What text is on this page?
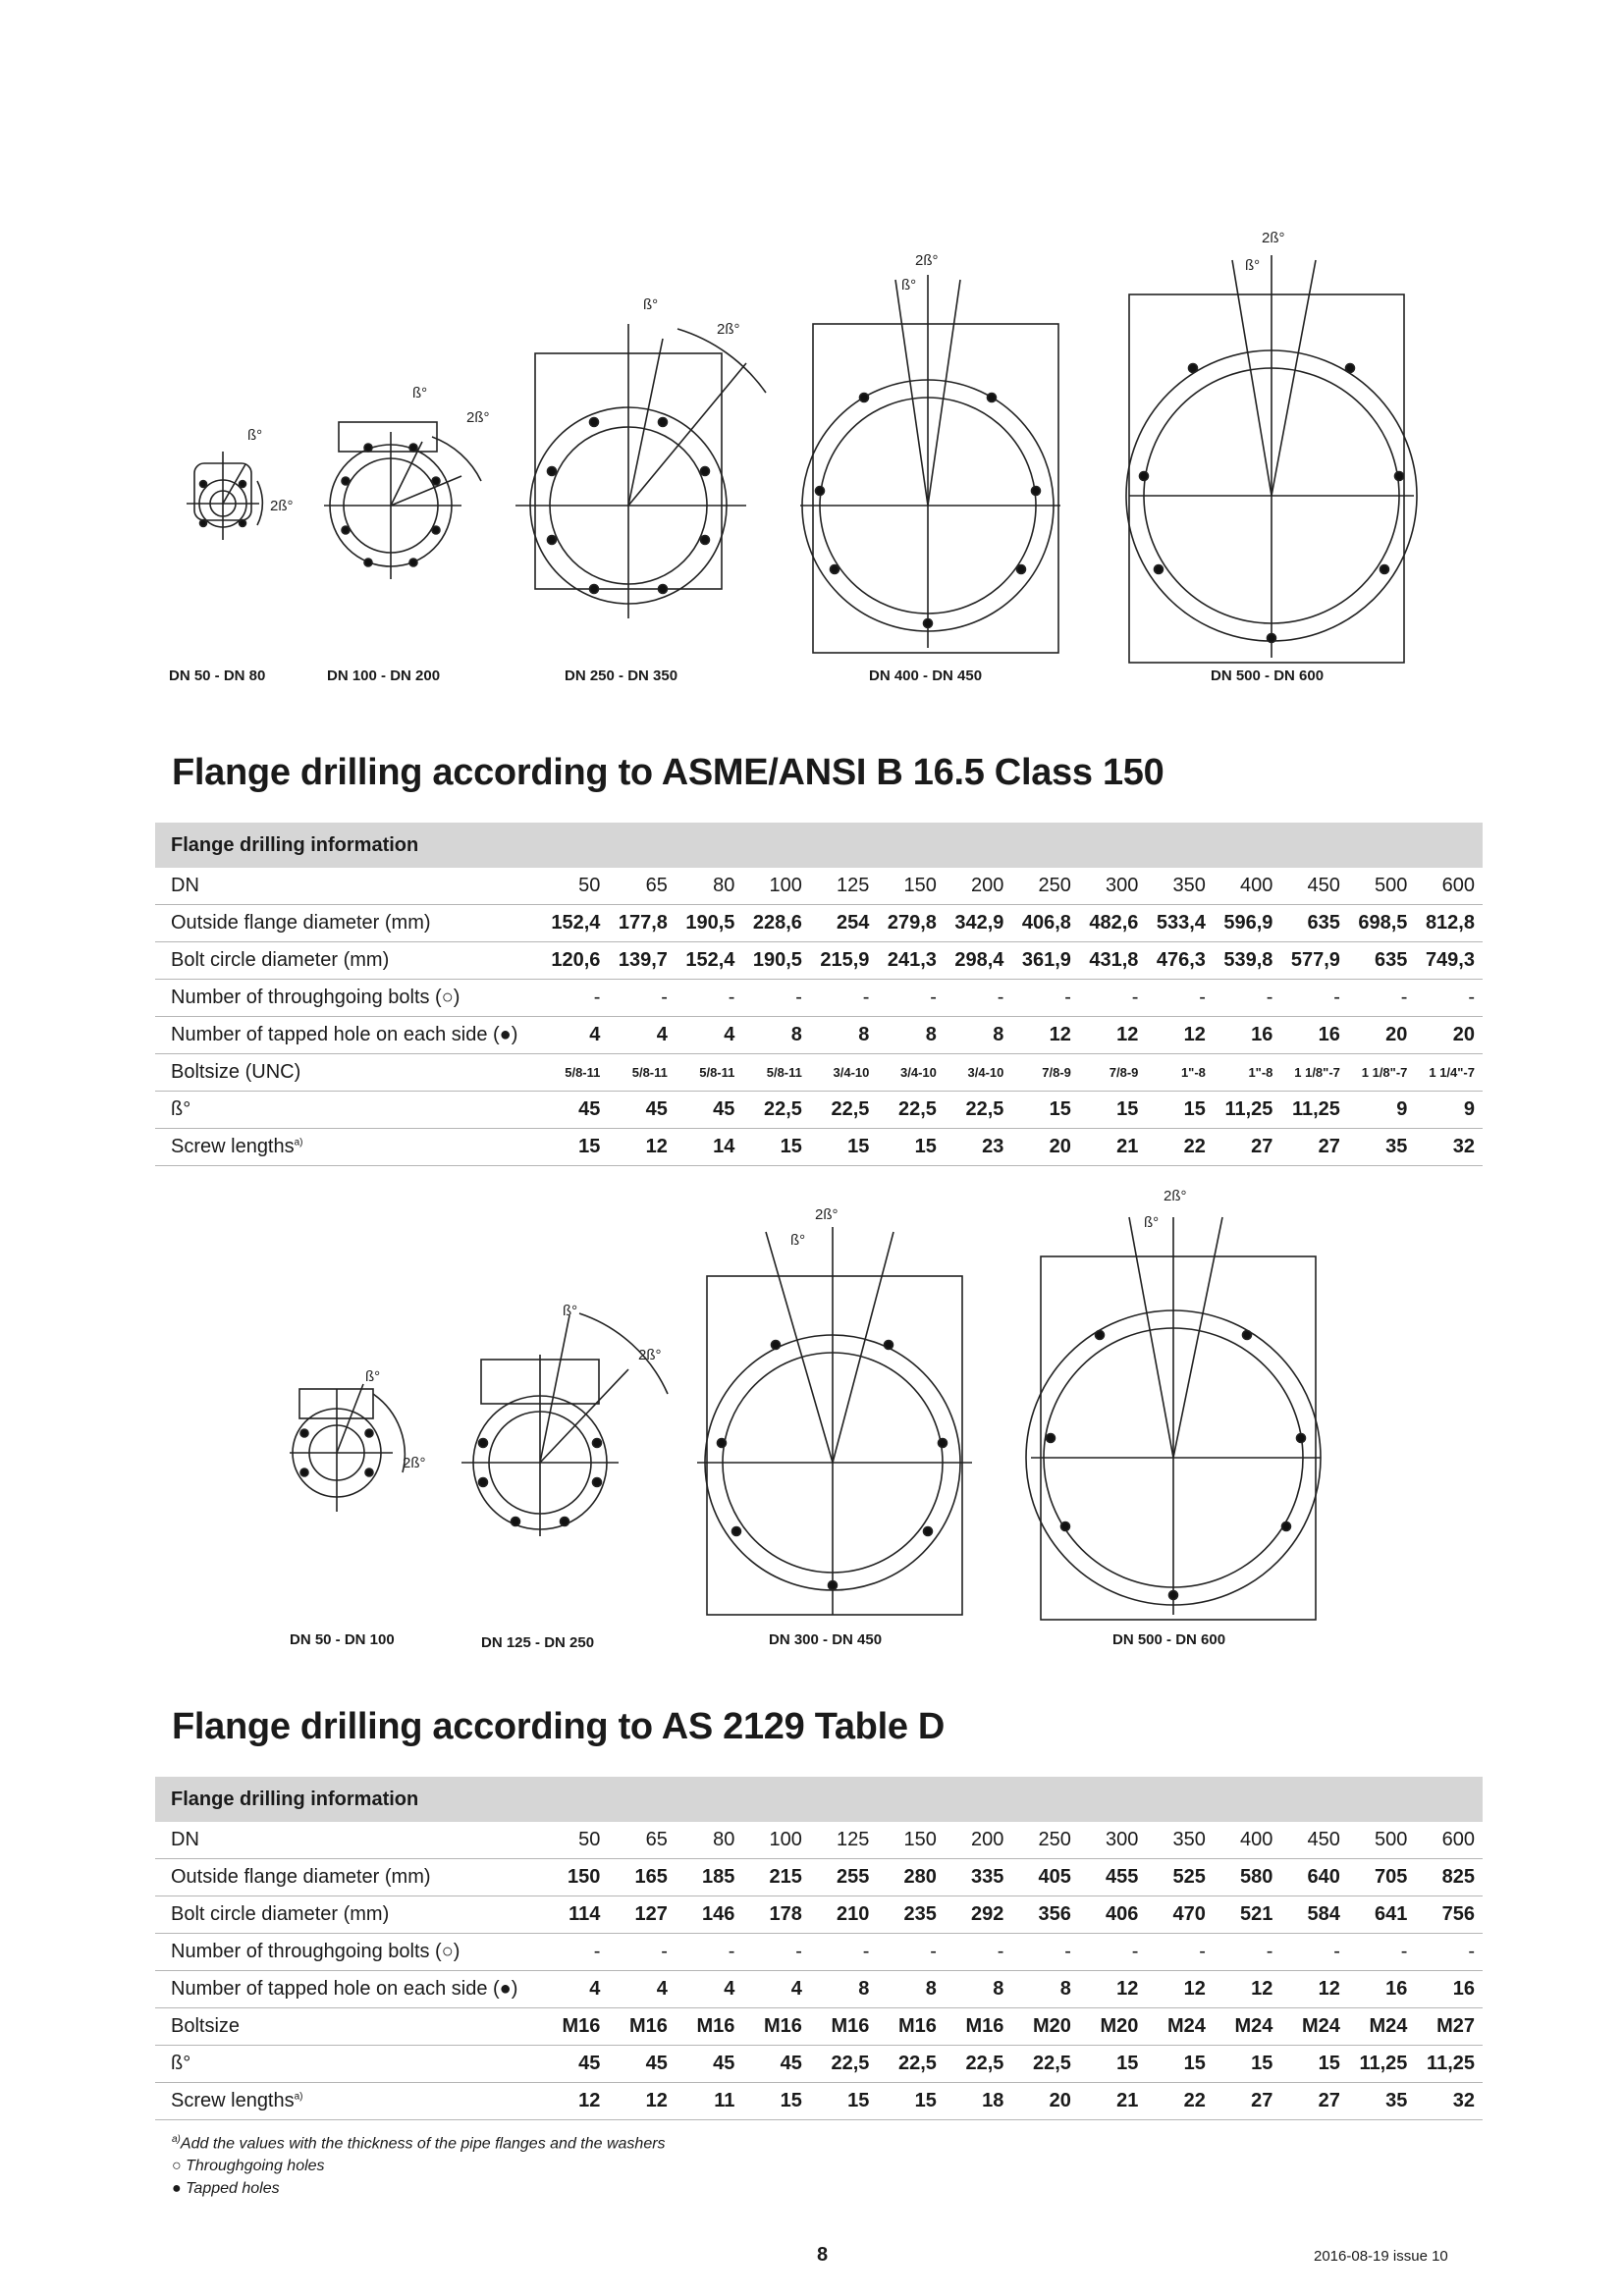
ß°
2ß°
ß°
2ß°
ß°
2ß°
2ß°
ß°
2ß°
ß°
DN 50 - DN 80	DN 100 - DN 200	DN 250 - DN 350	DN 400 - DN 450	DN 500 - DN 600
Flange drilling according to ASME/ANSI B 16.5 Class 150
Flange drilling information														
DN	50	65	80	100	125	150	200	250	300	350	400	450	500	600
Outside flange diameter (mm)	152,4	177,8	190,5	228,6	254	279,8	342,9	406,8	482,6	533,4	596,9	635	698,5	812,8
Bolt circle diameter (mm)	120,6	139,7	152,4	190,5	215,9	241,3	298,4	361,9	431,8	476,3	539,8	577,9	635	749,3
Number of throughgoing bolts (○)	-	-	-	-	-	-	-	-	-	-	-	-	-	-
Number of tapped hole on each side (●)	4	4	4	8	8	8	8	12	12	12	16	16	20	20
Boltsize (UNC)	5/8-11	5/8-11	5/8-11	5/8-11	3/4-10	3/4-10	3/4-10	7/8-9	7/8-9	1"-8	1"-8	1 1/8"-7	1 1/8"-7	1 1/4"-7
ß°	45	45	45	22,5	22,5	22,5	22,5	15	15	15	11,25	11,25	9	9
Screw lengths$^{a)}$	15	12	14	15	15	15	23	20	21	22	27	27	35	32
ß°
2ß°
ß°
2ß°
2ß°
ß°
2ß°
ß°
DN 50 - DN 100	DN 125 - DN 250	DN 300 - DN 450	DN 500 - DN 600
Flange drilling according to AS 2129 Table D
Flange drilling information														
DN	50	65	80	100	125	150	200	250	300	350	400	450	500	600
Outside flange diameter (mm)	150	165	185	215	255	280	335	405	455	525	580	640	705	825
Bolt circle diameter (mm)	114	127	146	178	210	235	292	356	406	470	521	584	641	756
Number of throughgoing bolts (○)	-	-	-	-	-	-	-	-	-	-	-	-	-	-
Number of tapped hole on each side (●)	4	4	4	4	8	8	8	8	12	12	12	12	16	16
Boltsize	M16	M16	M16	M16	M16	M16	M16	M20	M20	M24	M24	M24	M24	M27
ß°	45	45	45	45	22,5	22,5	22,5	22,5	15	15	15	15	11,25	11,25
Screw lengths$^{a)}$	12	12	11	15	15	15	18	20	21	22	27	27	35	32
$^{a)}$Add the values with the thickness of the pipe flanges and the washers
○ Throughgoing holes
● Tapped holes
8	2016-08-19 issue 10
